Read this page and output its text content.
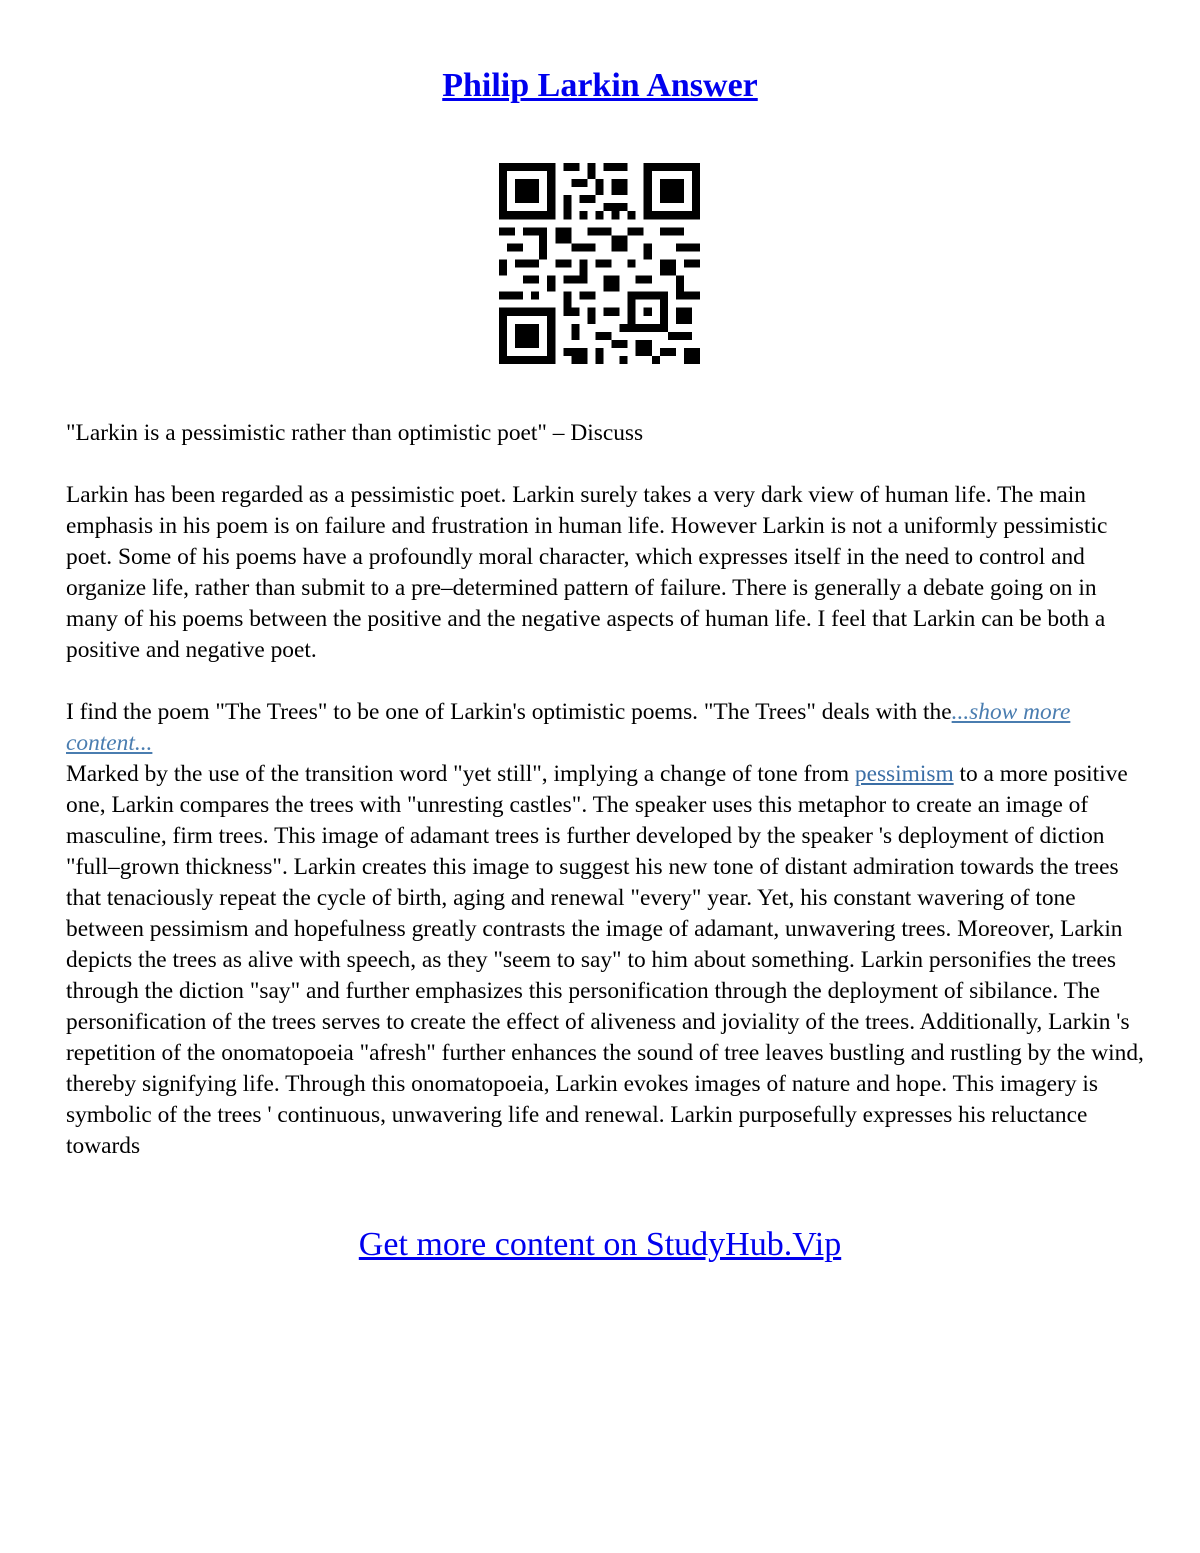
Philip Larkin Answer

"Larkin is a pessimistic rather than optimistic poet" – Discuss

Larkin has been regarded as a pessimistic poet. Larkin surely takes a very dark view of human life. The main emphasis in his poem is on failure and frustration in human life. However Larkin is not a uniformly pessimistic poet. Some of his poems have a profoundly moral character, which expresses itself in the need to control and organize life, rather than submit to a pre–determined pattern of failure. There is generally a debate going on in many of his poems between the positive and the negative aspects of human life. I feel that Larkin can be both a positive and negative poet.

I find the poem "The Trees" to be one of Larkin's optimistic poems. "The Trees" deals with the...show more content...

Marked by the use of the transition word "yet still", implying a change of tone from pessimism to a more positive one, Larkin compares the trees with "unresting castles". The speaker uses this metaphor to create an image of masculine, firm trees. This image of adamant trees is further developed by the speaker 's deployment of diction "full–grown thickness". Larkin creates this image to suggest his new tone of distant admiration towards the trees that tenaciously repeat the cycle of birth, aging and renewal "every" year. Yet, his constant wavering of tone between pessimism and hopefulness greatly contrasts the image of adamant, unwavering trees. Moreover, Larkin depicts the trees as alive with speech, as they "seem to say" to him about something. Larkin personifies the trees through the diction "say" and further emphasizes this personification through the deployment of sibilance. The personification of the trees serves to create the effect of aliveness and joviality of the trees. Additionally, Larkin 's repetition of the onomatopoeia "afresh" further enhances the sound of tree leaves bustling and rustling by the wind, thereby signifying life. Through this onomatopoeia, Larkin evokes images of nature and hope. This imagery is symbolic of the trees ' continuous, unwavering life and renewal. Larkin purposefully expresses his reluctance towards

Get more content on StudyHub.Vip
